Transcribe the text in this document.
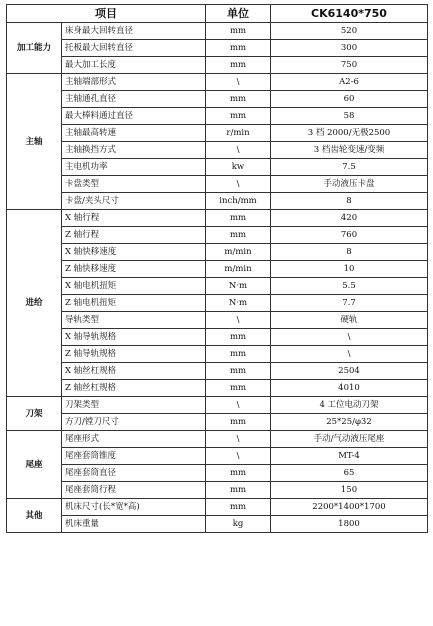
项目		单位	CK6140*750
加工能力	床身最大回转直径	mm	520
	托板最大回转直径	mm	300
	最大加工长度	mm	750
主轴	主轴端部形式	\	A2-6
	主轴通孔直径	mm	60
	最大棒料通过直径	mm	58
	主轴最高转速	r/min	3 档 2000/无极2500
	主轴换挡方式	\	3 档齿轮变速/变频
	主电机功率	kw	7.5
	卡盘类型	\	手动液压卡盘
	卡盘/夹头尺寸	inch/mm	8
进给	X 轴行程	mm	420
	Z 轴行程	mm	760
	X 轴快移速度	m/min	8
	Z 轴快移速度	m/min	10
	X 轴电机扭矩	N·m	5.5
	Z 轴电机扭矩	N·m	7.7
	导轨类型	\	硬轨
	X 轴导轨规格	mm	\
	Z 轴导轨规格	mm	\
	X 轴丝杠规格	mm	2504
	Z 轴丝杠规格	mm	4010
刀架	刀架类型	\	4 工位电动刀架
	方刀/镗刀尺寸	mm	25*25/φ32
尾座	尾座形式	\	手动/气动液压尾座
	尾座套筒锥度	\	MT-4
	尾座套筒直径	mm	65
	尾座套筒行程	mm	150
其他	机床尺寸(长*宽*高)	mm	2200*1400*1700
	机床重量	kg	1800
